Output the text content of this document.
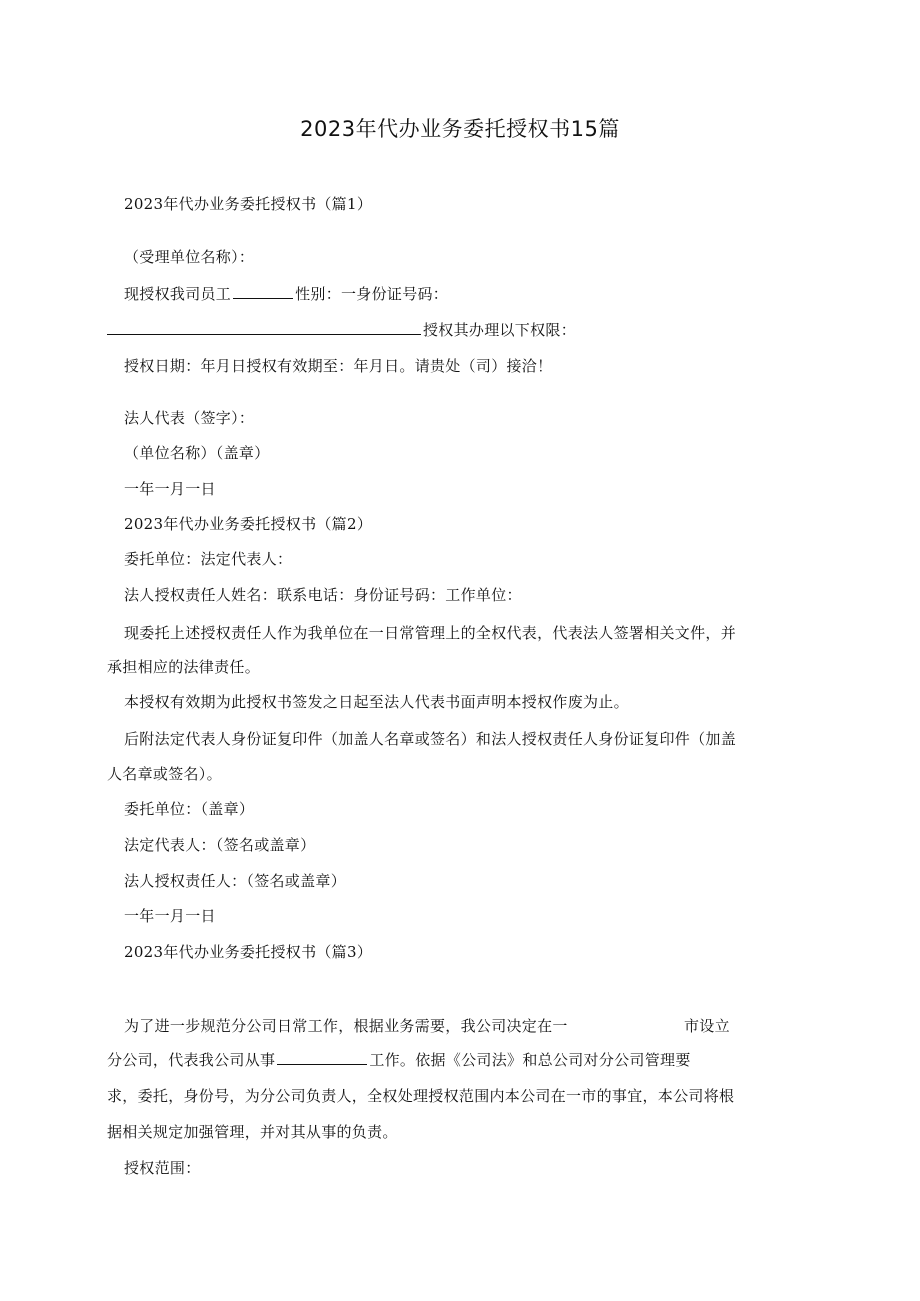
2023年代办业务委托授权书15篇
2023年代办业务委托授权书（篇1）
（受理单位名称）：
现授权我司员工	性别：一身份证号码：
授权其办理以下权限：
授权日期：年月日授权有效期至：年月日。请贵处（司）接洽！
法人代表（签字）：
（单位名称）（盖章）
一年一月一日
2023年代办业务委托授权书（篇2）
委托单位：法定代表人：
法人授权责任人姓名：联系电话：身份证号码：工作单位：
现委托上述授权责任人作为我单位在一日常管理上的全权代表，代表法人签署相关文件，并
承担相应的法律责任。
本授权有效期为此授权书签发之日起至法人代表书面声明本授权作废为止。
后附法定代表人身份证复印件（加盖人名章或签名）和法人授权责任人身份证复印件（加盖
人名章或签名）。
委托单位：（盖章）
法定代表人：（签名或盖章）
法人授权责任人：（签名或盖章）
一年一月一日
2023年代办业务委托授权书（篇3）
为了进一步规范分公司日常工作，根据业务需要，我公司决定在一	市设立
分公司，代表我公司从事	工作。依据《公司法》和总公司对分公司管理要
求，委托，身份号，为分公司负责人，全权处理授权范围内本公司在一市的事宜，本公司将根
据相关规定加强管理，并对其从事的负责。
授权范围：
